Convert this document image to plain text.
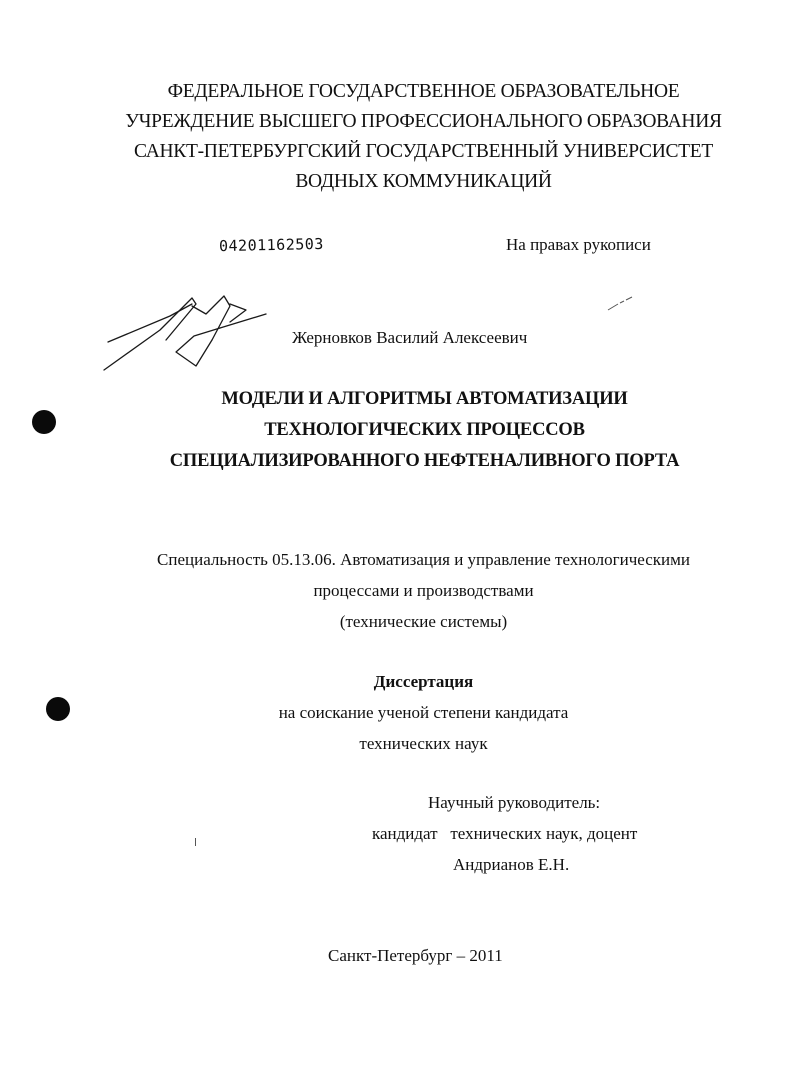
ФЕДЕРАЛЬНОЕ ГОСУДАРСТВЕННОЕ ОБРАЗОВАТЕЛЬНОЕ
УЧРЕЖДЕНИЕ ВЫСШЕГО ПРОФЕССИОНАЛЬНОГО ОБРАЗОВАНИЯ
САНКТ-ПЕТЕРБУРГСКИЙ ГОСУДАРСТВЕННЫЙ УНИВЕРСИСТЕТ
ВОДНЫХ КОММУНИКАЦИЙ
04201162503	На правах рукописи
Жерновков Василий Алексеевич
МОДЕЛИ И АЛГОРИТМЫ АВТОМАТИЗАЦИИ
ТЕХНОЛОГИЧЕСКИХ ПРОЦЕССОВ
СПЕЦИАЛИЗИРОВАННОГО НЕФТЕНАЛИВНОГО ПОРТА
Специальность 05.13.06. Автоматизация и управление технологическими
процессами и производствами
(технические системы)
Диссертация
на соискание ученой степени кандидата
технических наук
Научный руководитель:
кандидат   технических наук, доцент
Андрианов Е.Н.
Санкт-Петербург – 2011
